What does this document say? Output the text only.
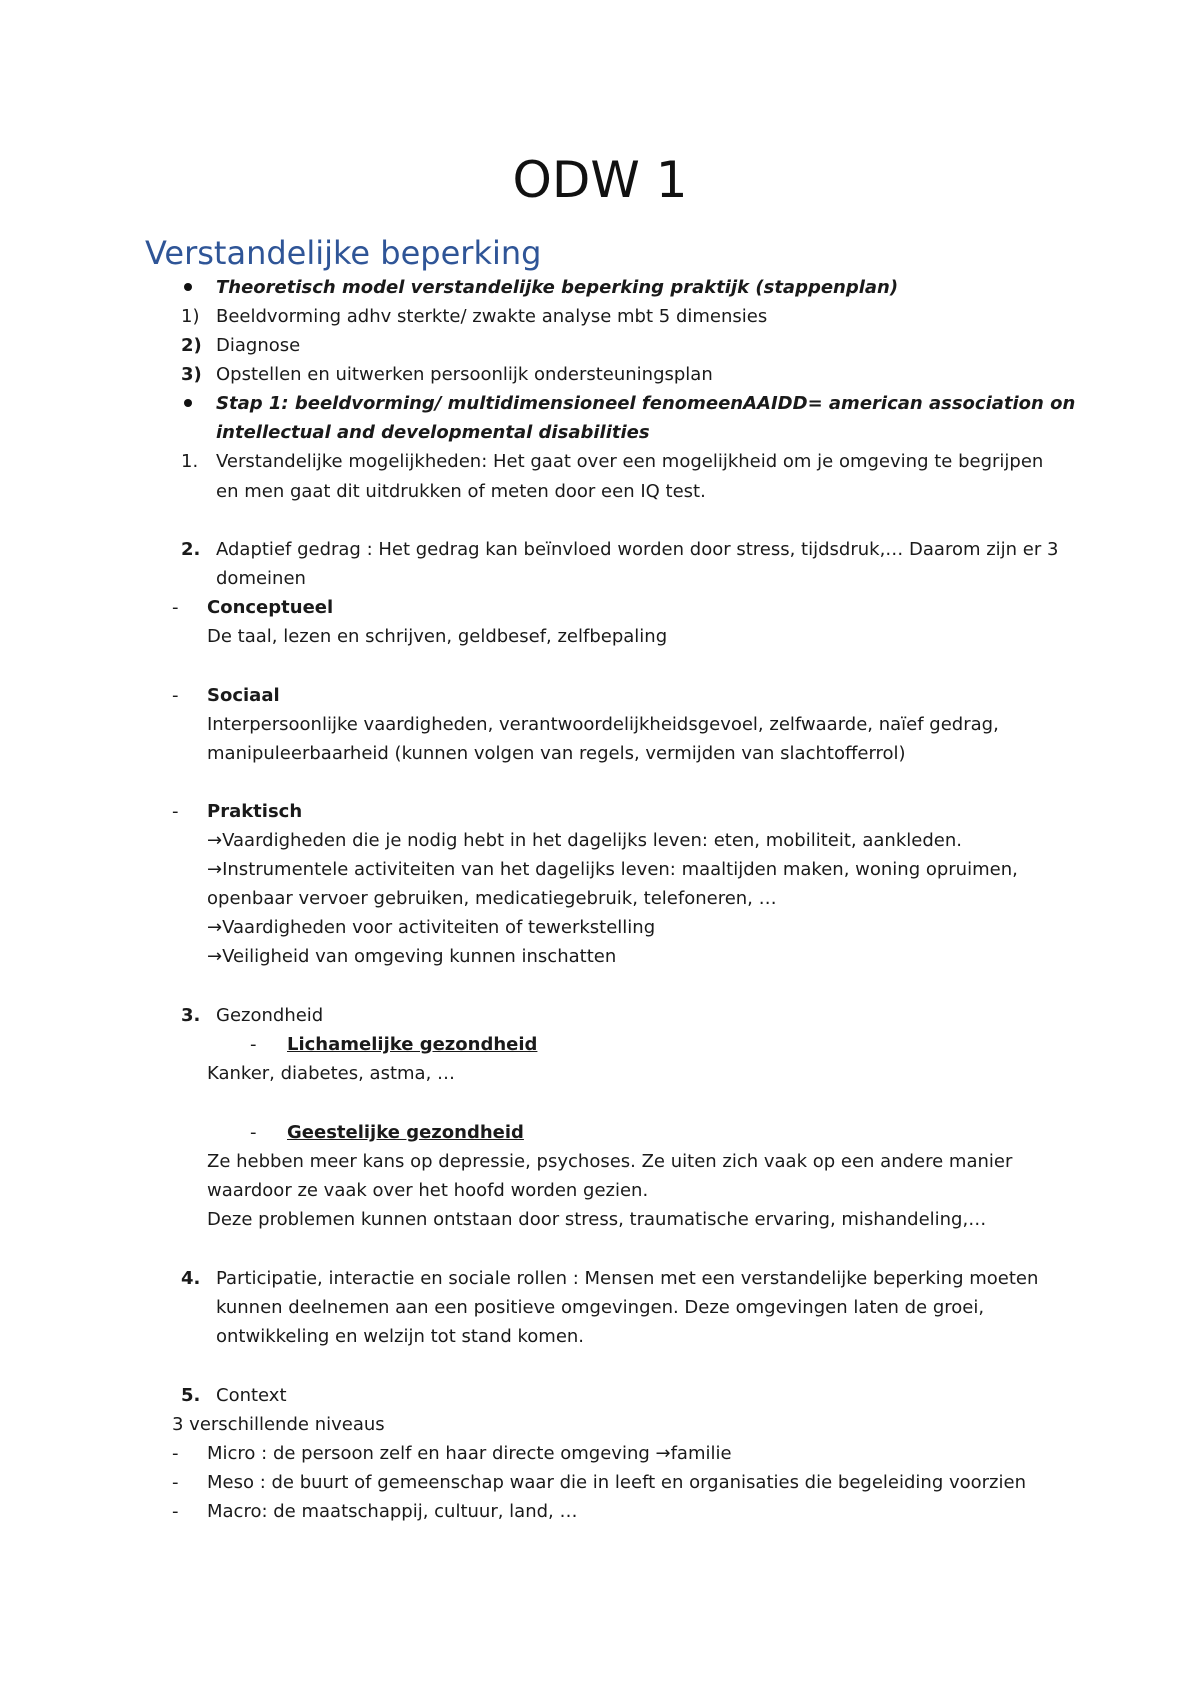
ODW 1
Verstandelijke beperking
Theoretisch model verstandelijke beperking praktijk (stappenplan)
1) Beeldvorming adhv sterkte/ zwakte analyse mbt 5 dimensies
2) Diagnose
3) Opstellen en uitwerken persoonlijk ondersteuningsplan
Stap 1: beeldvorming/ multidimensioneel fenomeenAAIDD= american association on
intellectual and developmental disabilities
1. Verstandelijke mogelijkheden: Het gaat over een mogelijkheid om je omgeving te begrijpen
en men gaat dit uitdrukken of meten door een IQ test.
2. Adaptief gedrag : Het gedrag kan beïnvloed worden door stress, tijdsdruk,… Daarom zijn er 3
domeinen
- Conceptueel
De taal, lezen en schrijven, geldbesef, zelfbepaling
- Sociaal
Interpersoonlijke vaardigheden, verantwoordelijkheidsgevoel, zelfwaarde, naïef gedrag,
manipuleerbaarheid (kunnen volgen van regels, vermijden van slachtofferrol)
- Praktisch
→Vaardigheden die je nodig hebt in het dagelijks leven: eten, mobiliteit, aankleden.
→Instrumentele activiteiten van het dagelijks leven: maaltijden maken, woning opruimen,
openbaar vervoer gebruiken, medicatiegebruik, telefoneren, …
→Vaardigheden voor activiteiten of tewerkstelling
→Veiligheid van omgeving kunnen inschatten
3. Gezondheid
- Lichamelijke gezondheid
Kanker, diabetes, astma, …
- Geestelijke gezondheid
Ze hebben meer kans op depressie, psychoses. Ze uiten zich vaak op een andere manier
waardoor ze vaak over het hoofd worden gezien.
Deze problemen kunnen ontstaan door stress, traumatische ervaring, mishandeling,…
4. Participatie, interactie en sociale rollen : Mensen met een verstandelijke beperking moeten
kunnen deelnemen aan een positieve omgevingen. Deze omgevingen laten de groei,
ontwikkeling en welzijn tot stand komen.
5. Context
3 verschillende niveaus
- Micro : de persoon zelf en haar directe omgeving →familie
- Meso : de buurt of gemeenschap waar die in leeft en organisaties die begeleiding voorzien
- Macro: de maatschappij, cultuur, land, …
